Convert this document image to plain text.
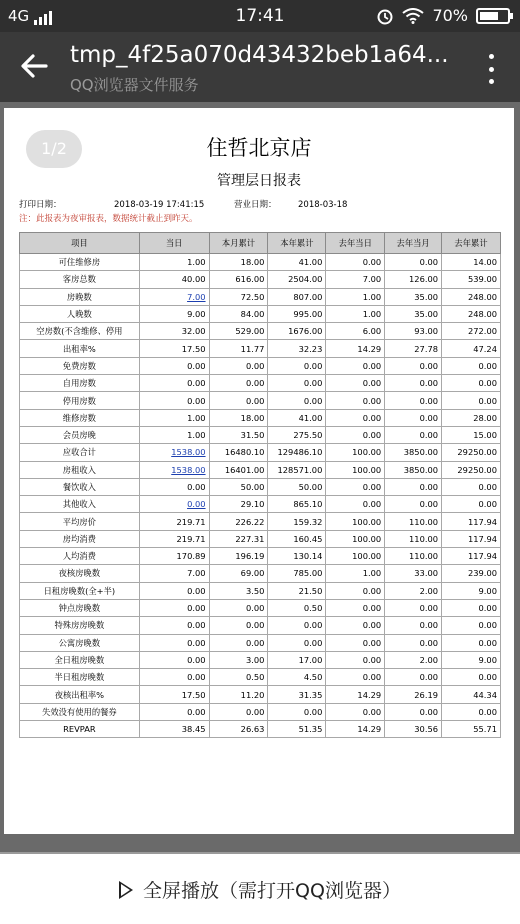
4G	17:41	70%
tmp_4f25a070d43432beb1a64...
QQ浏览器文件服务
1/2	住哲北京店
管理层日报表
打印日期：	2018-03-19 17:41:15	营业日期：	2018-03-18
注：此报表为夜审报表，数据统计截止到昨天。
项目	当日	本月累计	本年累计	去年当日	去年当月	去年累计
可住维修房	1.00	18.00	41.00	0.00	0.00	14.00
客房总数	40.00	616.00	2504.00	7.00	126.00	539.00
房晚数	7.00	72.50	807.00	1.00	35.00	248.00
人晚数	9.00	84.00	995.00	1.00	35.00	248.00
空房数(不含维修、停用	32.00	529.00	1676.00	6.00	93.00	272.00
出租率%	17.50	11.77	32.23	14.29	27.78	47.24
免费房数	0.00	0.00	0.00	0.00	0.00	0.00
自用房数	0.00	0.00	0.00	0.00	0.00	0.00
停用房数	0.00	0.00	0.00	0.00	0.00	0.00
维修房数	1.00	18.00	41.00	0.00	0.00	28.00
会员房晚	1.00	31.50	275.50	0.00	0.00	15.00
应收合计	1538.00	16480.10	129486.10	100.00	3850.00	29250.00
房租收入	1538.00	16401.00	128571.00	100.00	3850.00	29250.00
餐饮收入	0.00	50.00	50.00	0.00	0.00	0.00
其他收入	0.00	29.10	865.10	0.00	0.00	0.00
平均房价	219.71	226.22	159.32	100.00	110.00	117.94
房均消费	219.71	227.31	160.45	100.00	110.00	117.94
人均消费	170.89	196.19	130.14	100.00	110.00	117.94
夜核房晚数	7.00	69.00	785.00	1.00	33.00	239.00
日租房晚数(全+半)	0.00	3.50	21.50	0.00	2.00	9.00
钟点房晚数	0.00	0.00	0.50	0.00	0.00	0.00
特殊房房晚数	0.00	0.00	0.00	0.00	0.00	0.00
公寓房晚数	0.00	0.00	0.00	0.00	0.00	0.00
全日租房晚数	0.00	3.00	17.00	0.00	2.00	9.00
半日租房晚数	0.00	0.50	4.50	0.00	0.00	0.00
夜核出租率%	17.50	11.20	31.35	14.29	26.19	44.34
失效没有使用的餐券	0.00	0.00	0.00	0.00	0.00	0.00
REVPAR	38.45	26.63	51.35	14.29	30.56	55.71
全屏播放（需打开QQ浏览器）
